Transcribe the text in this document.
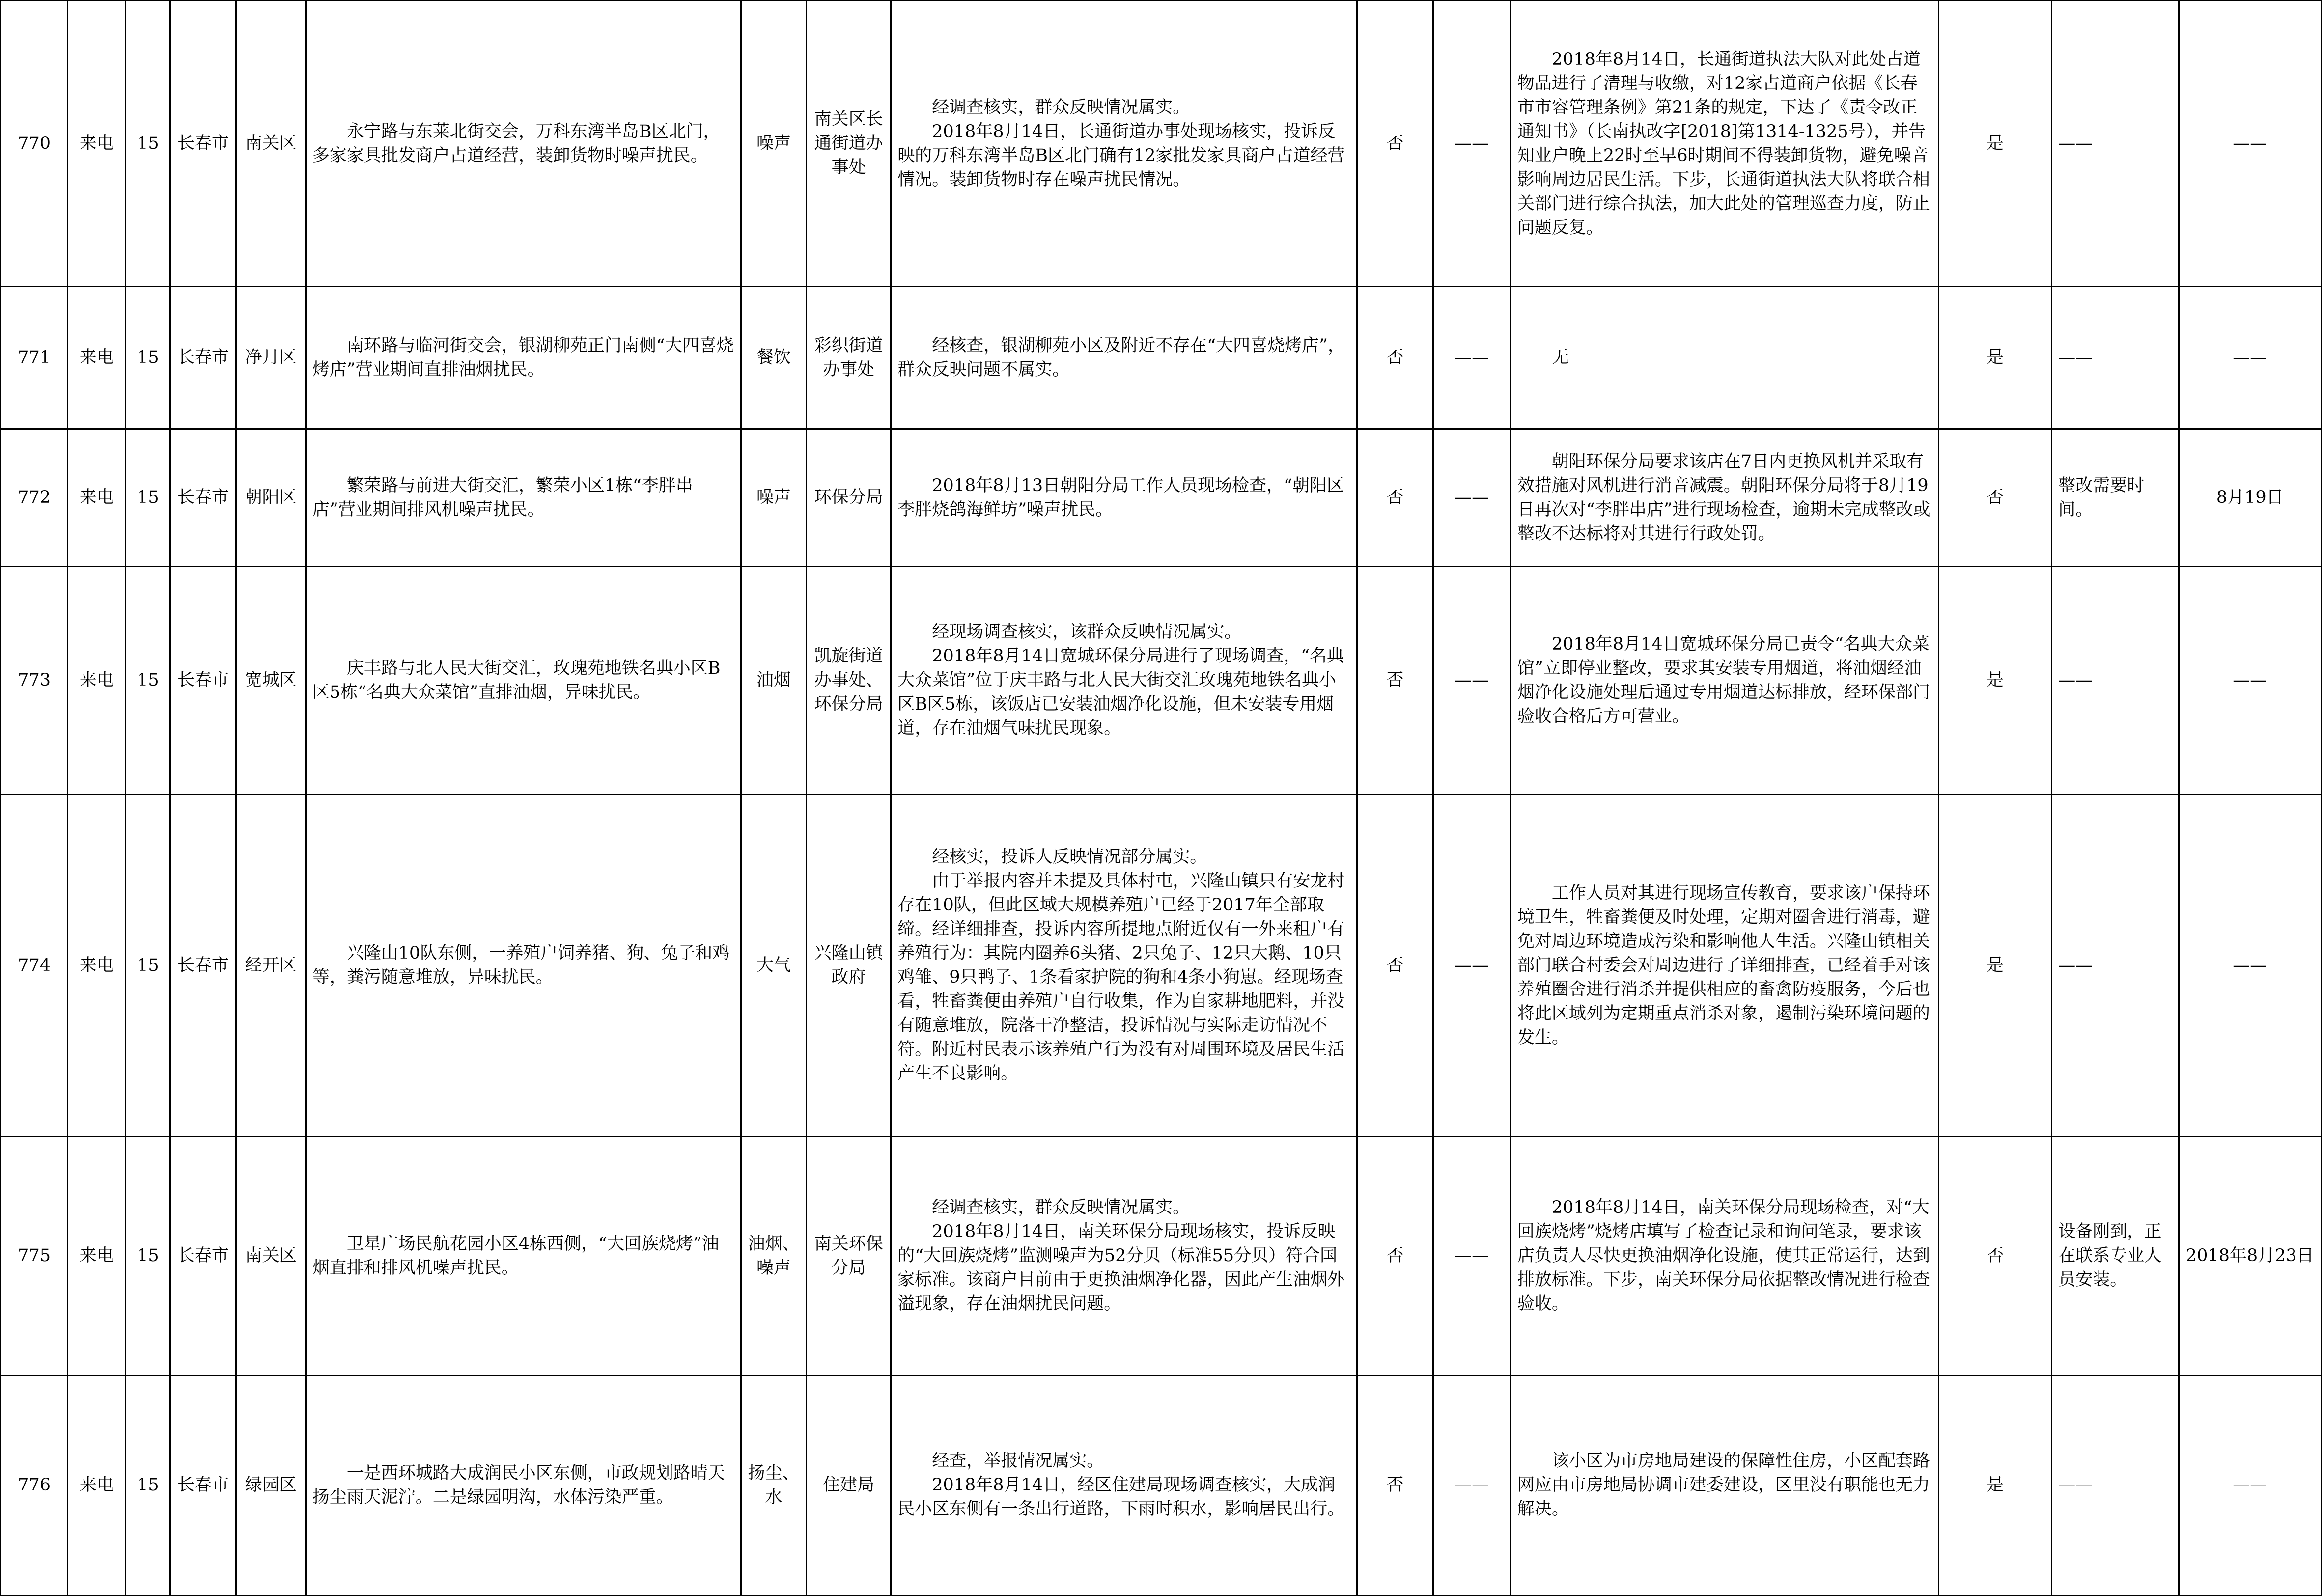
770	来电	15	长春市	南关区	永宁路与东莱北街交会，万科东湾半岛B区北门，多家家具批发商户占道经营，装卸货物时噪声扰民。	噪声	南关区长通街道办事处	经调查核实，群众反映情况属实。
2018年8月14日，长通街道办事处现场核实，投诉反映的万科东湾半岛B区北门确有12家批发家具商户占道经营情况。装卸货物时存在噪声扰民情况。	否	——	2018年8月14日，长通街道执法大队对此处占道物品进行了清理与收缴，对12家占道商户依据《长春市市容管理条例》第21条的规定，下达了《责令改正通知书》（长南执改字[2018]第1314-1325号），并告知业户晚上22时至早6时期间不得装卸货物，避免噪音影响周边居民生活。下步，长通街道执法大队将联合相关部门进行综合执法，加大此处的管理巡查力度，防止问题反复。	是	——	——
771	来电	15	长春市	净月区	南环路与临河街交会，银湖柳苑正门南侧“大四喜烧烤店”营业期间直排油烟扰民。	餐饮	彩织街道办事处	经核查，银湖柳苑小区及附近不存在“大四喜烧烤店”，群众反映问题不属实。	否	——	无	是	——	——
772	来电	15	长春市	朝阳区	繁荣路与前进大街交汇，繁荣小区1栋“李胖串店”营业期间排风机噪声扰民。	噪声	环保分局	2018年8月13日朝阳分局工作人员现场检查，“朝阳区李胖烧鸽海鲜坊”噪声扰民。	否	——	朝阳环保分局要求该店在7日内更换风机并采取有效措施对风机进行消音减震。朝阳环保分局将于8月19日再次对“李胖串店”进行现场检查，逾期未完成整改或整改不达标将对其进行行政处罚。	否	整改需要时间。	8月19日
773	来电	15	长春市	宽城区	庆丰路与北人民大街交汇，玫瑰苑地铁名典小区B区5栋“名典大众菜馆”直排油烟，异味扰民。	油烟	凯旋街道办事处、环保分局	经现场调查核实，该群众反映情况属实。
2018年8月14日宽城环保分局进行了现场调查，“名典大众菜馆”位于庆丰路与北人民大街交汇玫瑰苑地铁名典小区B区5栋，该饭店已安装油烟净化设施，但未安装专用烟道，存在油烟气味扰民现象。	否	——	2018年8月14日宽城环保分局已责令“名典大众菜馆”立即停业整改，要求其安装专用烟道，将油烟经油烟净化设施处理后通过专用烟道达标排放，经环保部门验收合格后方可营业。	是	——	——
774	来电	15	长春市	经开区	兴隆山10队东侧，一养殖户饲养猪、狗、兔子和鸡等，粪污随意堆放，异味扰民。	大气	兴隆山镇政府	经核实，投诉人反映情况部分属实。
由于举报内容并未提及具体村屯，兴隆山镇只有安龙村存在10队，但此区域大规模养殖户已经于2017年全部取缔。经详细排查，投诉内容所提地点附近仅有一外来租户有养殖行为：其院内圈养6头猪、2只兔子、12只大鹅、10只鸡雏、9只鸭子、1条看家护院的狗和4条小狗崽。经现场查看，牲畜粪便由养殖户自行收集，作为自家耕地肥料，并没有随意堆放，院落干净整洁，投诉情况与实际走访情况不符。附近村民表示该养殖户行为没有对周围环境及居民生活产生不良影响。	否	——	工作人员对其进行现场宣传教育，要求该户保持环境卫生，牲畜粪便及时处理，定期对圈舍进行消毒，避免对周边环境造成污染和影响他人生活。兴隆山镇相关部门联合村委会对周边进行了详细排查，已经着手对该养殖圈舍进行消杀并提供相应的畜禽防疫服务，今后也将此区域列为定期重点消杀对象，遏制污染环境问题的发生。	是	——	——
775	来电	15	长春市	南关区	卫星广场民航花园小区4栋西侧，“大回族烧烤”油烟直排和排风机噪声扰民。	油烟、噪声	南关环保分局	经调查核实，群众反映情况属实。
2018年8月14日，南关环保分局现场核实，投诉反映的“大回族烧烤”监测噪声为52分贝（标准55分贝）符合国家标准。该商户目前由于更换油烟净化器，因此产生油烟外溢现象，存在油烟扰民问题。	否	——	2018年8月14日，南关环保分局现场检查，对“大回族烧烤”烧烤店填写了检查记录和询问笔录，要求该店负责人尽快更换油烟净化设施，使其正常运行，达到排放标准。下步，南关环保分局依据整改情况进行检查验收。	否	设备刚到，正在联系专业人员安装。	2018年8月23日
776	来电	15	长春市	绿园区	一是西环城路大成润民小区东侧，市政规划路晴天扬尘雨天泥泞。二是绿园明沟，水体污染严重。	扬尘、水	住建局	经查，举报情况属实。
2018年8月14日，经区住建局现场调查核实，大成润民小区东侧有一条出行道路，下雨时积水，影响居民出行。	否	——	该小区为市房地局建设的保障性住房，小区配套路网应由市房地局协调市建委建设，区里没有职能也无力解决。	是	——	——
